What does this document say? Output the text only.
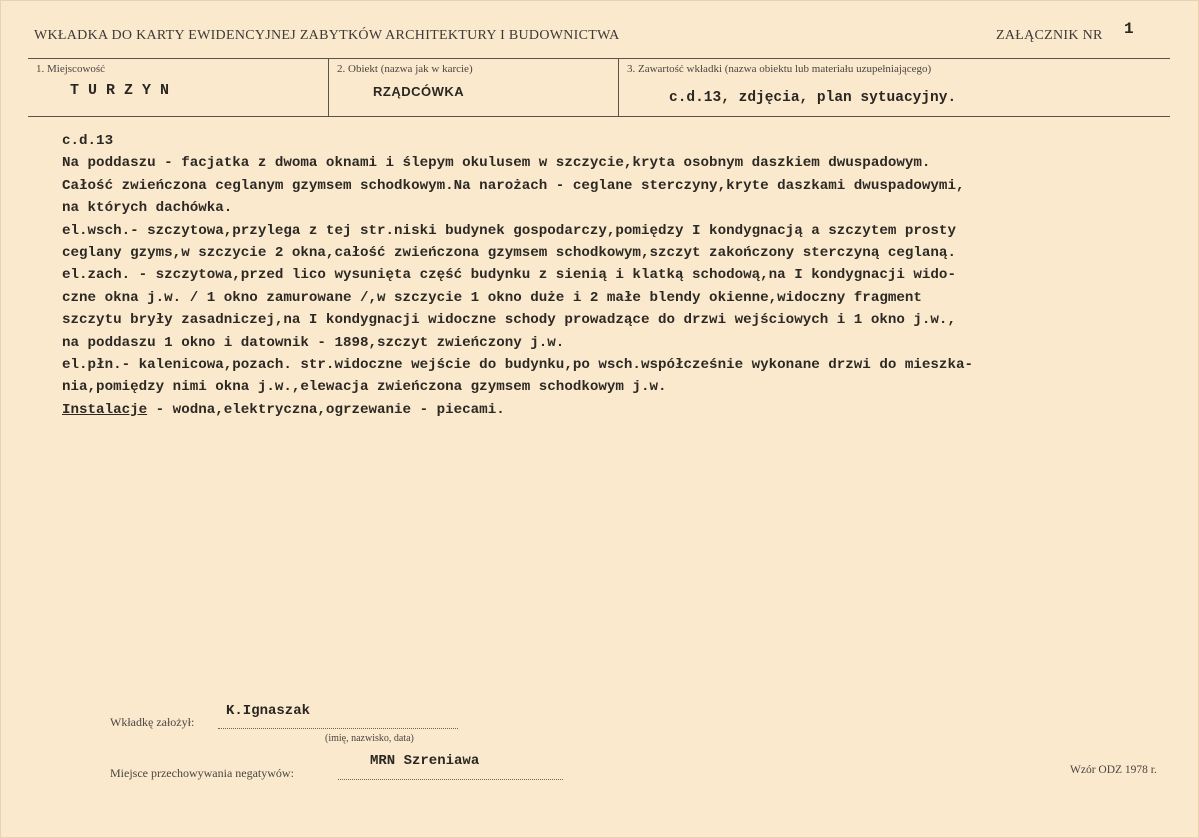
WKŁADKA DO KARTY EWIDENCYJNEJ ZABYTKÓW ARCHITEKTURY I BUDOWNICTWA	ZAŁĄCZNIK NR 1
1. Miejscowość
TURZYN
2. Obiekt (nazwa jak w karcie)
RZĄDCÓWKA
3. Zawartość wkładki (nazwa obiektu lub materiału uzupełniającego)
c.d.13, zdjęcia, plan sytuacyjny.
c.d.13
Na poddaszu - facjatka z dwoma oknami i ślepym okulusem w szczycie,kryta osobnym daszkiem dwuspadowym.
Całość zwieńczona ceglanym gzymsem schodkowym.Na narożach - ceglane sterczyny,kryte daszkami dwuspadowymi,
na których dachówka.
el.wsch.- szczytowa,przylega z tej str.niski budynek gospodarczy,pomiędzy I kondygnacją a szczytem prosty
ceglany gzyms,w szczycie 2 okna,całość zwieńczona gzymsem schodkowym,szczyt zakończony sterczyną ceglaną.
el.zach. - szczytowa,przed lico wysunięta część budynku z sienią i klatką schodową,na I kondygnacji wido-
czne okna j.w. / 1 okno zamurowane /,w szczycie 1 okno duże i 2 małe blendy okienne,widoczny fragment
szczytu bryły zasadniczej,na I kondygnacji widoczne schody prowadzące do drzwi wejściowych i 1 okno j.w.,
na poddaszu 1 okno i datownik - 1898,szczyt zwieńczony j.w.
el.płn.- kalenicowa,pozach. str.widoczne wejście do budynku,po wsch.współcześnie wykonane drzwi do mieszka-
nia,pomiędzy nimi okna j.w.,elewacja zwieńczona gzymsem schodkowym j.w.
Instalacje - wodna,elektryczna,ogrzewanie - piecami.
Wkładkę założył:
K.Ignaszak
(imię, nazwisko, data)
Miejsce przechowywania negatywów:
MRN Szreniawa
Wzór ODZ 1978 r.
